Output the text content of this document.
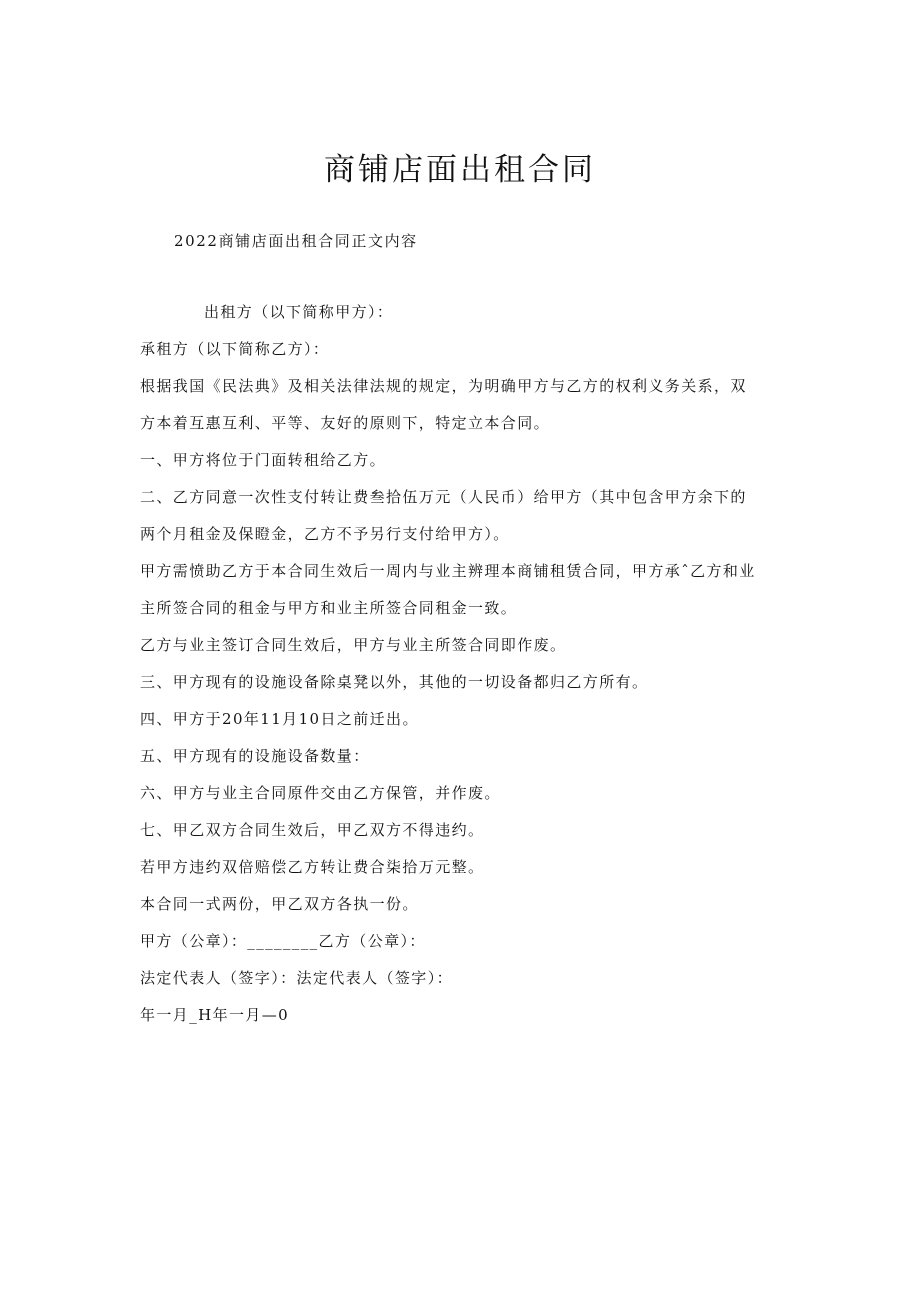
商铺店面出租合同
2022商铺店面出租合同正文内容

出租方（以下简称甲方）：

承租方（以下简称乙方）：

根据我国《民法典》及相关法律法规的规定，为明确甲方与乙方的权利义务关系，双

方本着互惠互利、平等、友好的原则下，特定立本合同。

一、甲方将位于门面转租给乙方。

二、乙方同意一次性支付转让费叁拾伍万元（人民币）给甲方（其中包含甲方余下的

两个月租金及保瞪金，乙方不予另行支付给甲方）。

甲方需愤助乙方于本合同生效后一周内与业主辨理本商铺租赁合同，甲方承ˆ乙方和业

主所签合同的租金与甲方和业主所签合同租金一致。

乙方与业主签订合同生效后，甲方与业主所签合同即作废。

三、甲方现有的设施设备除桌凳以外，其他的一切设备都归乙方所有。

四、甲方于20年11月10日之前迁出。

五、甲方现有的设施设备数量：

六、甲方与业主合同原件交由乙方保管，并作废。

七、甲乙双方合同生效后，甲乙双方不得违约。

若甲方违约双倍赔偿乙方转让费合柒拾万元整。

本合同一式两份，甲乙双方各执一份。

甲方（公章）：________乙方（公章）：

法定代表人（签字）：法定代表人（签字）：

年一月_H年一月—0
